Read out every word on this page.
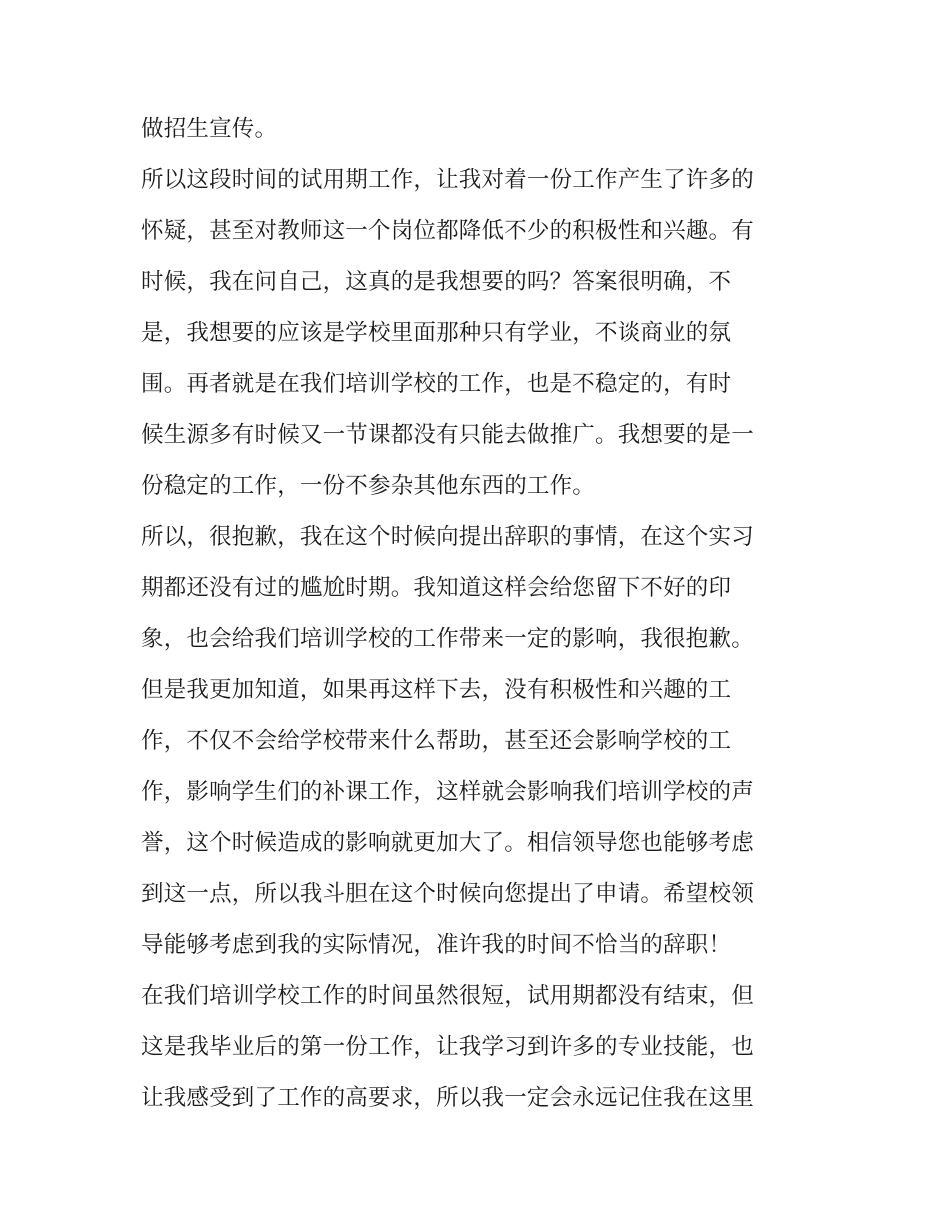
做招生宣传。
所以这段时间的试用期工作，让我对着一份工作产生了许多的
怀疑，甚至对教师这一个岗位都降低不少的积极性和兴趣。有
时候，我在问自己，这真的是我想要的吗？答案很明确，不
是，我想要的应该是学校里面那种只有学业，不谈商业的氛
围。再者就是在我们培训学校的工作，也是不稳定的，有时
候生源多有时候又一节课都没有只能去做推广。我想要的是一
份稳定的工作，一份不参杂其他东西的工作。
所以，很抱歉，我在这个时候向提出辞职的事情，在这个实习
期都还没有过的尴尬时期。我知道这样会给您留下不好的印
象，也会给我们培训学校的工作带来一定的影响，我很抱歉。
但是我更加知道，如果再这样下去，没有积极性和兴趣的工
作，不仅不会给学校带来什么帮助，甚至还会影响学校的工
作，影响学生们的补课工作，这样就会影响我们培训学校的声
誉，这个时候造成的影响就更加大了。相信领导您也能够考虑
到这一点，所以我斗胆在这个时候向您提出了申请。希望校领
导能够考虑到我的实际情况，准许我的时间不恰当的辞职！
在我们培训学校工作的时间虽然很短，试用期都没有结束，但
这是我毕业后的第一份工作，让我学习到许多的专业技能，也
让我感受到了工作的高要求，所以我一定会永远记住我在这里
